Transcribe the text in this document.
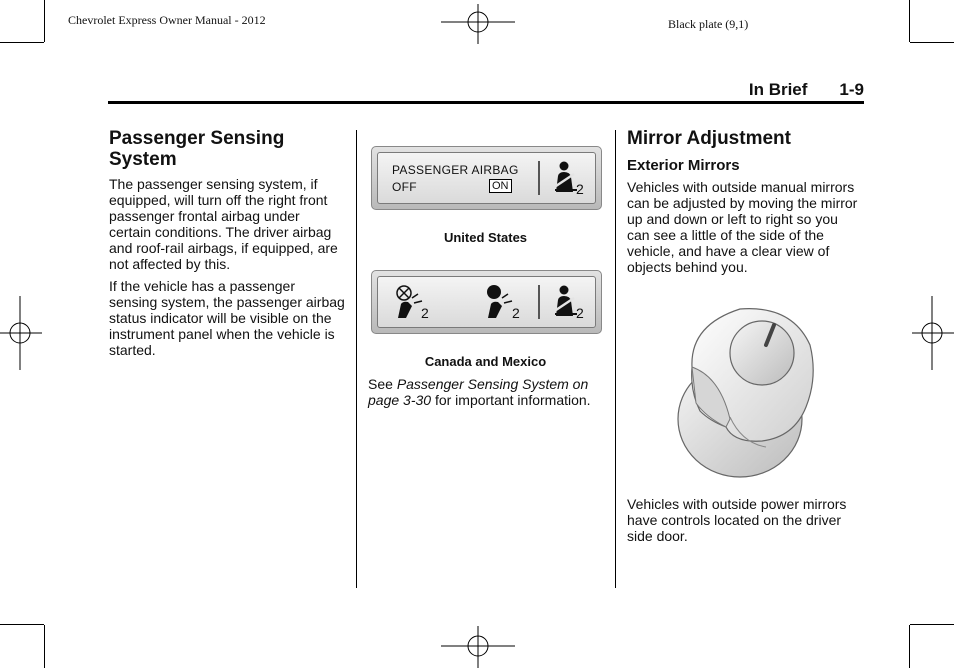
Chevrolet Express Owner Manual - 2012	Black plate (9,1)
In Brief 1-9
Passenger Sensing System

The passenger sensing system, if equipped, will turn off the right front passenger frontal airbag under certain conditions. The driver airbag and roof-rail airbags, if equipped, are not affected by this.

If the vehicle has a passenger sensing system, the passenger airbag status indicator will be visible on the instrument panel when the vehicle is started.

PASSENGER AIRBAG
OFF	ON	2
United States
2	2	2
Canada and Mexico

See Passenger Sensing System on page 3-30 for important information.

Mirror Adjustment
Exterior Mirrors

Vehicles with outside manual mirrors can be adjusted by moving the mirror up and down or left to right so you can see a little of the side of the vehicle, and have a clear view of objects behind you.

Vehicles with outside power mirrors have controls located on the driver side door.
